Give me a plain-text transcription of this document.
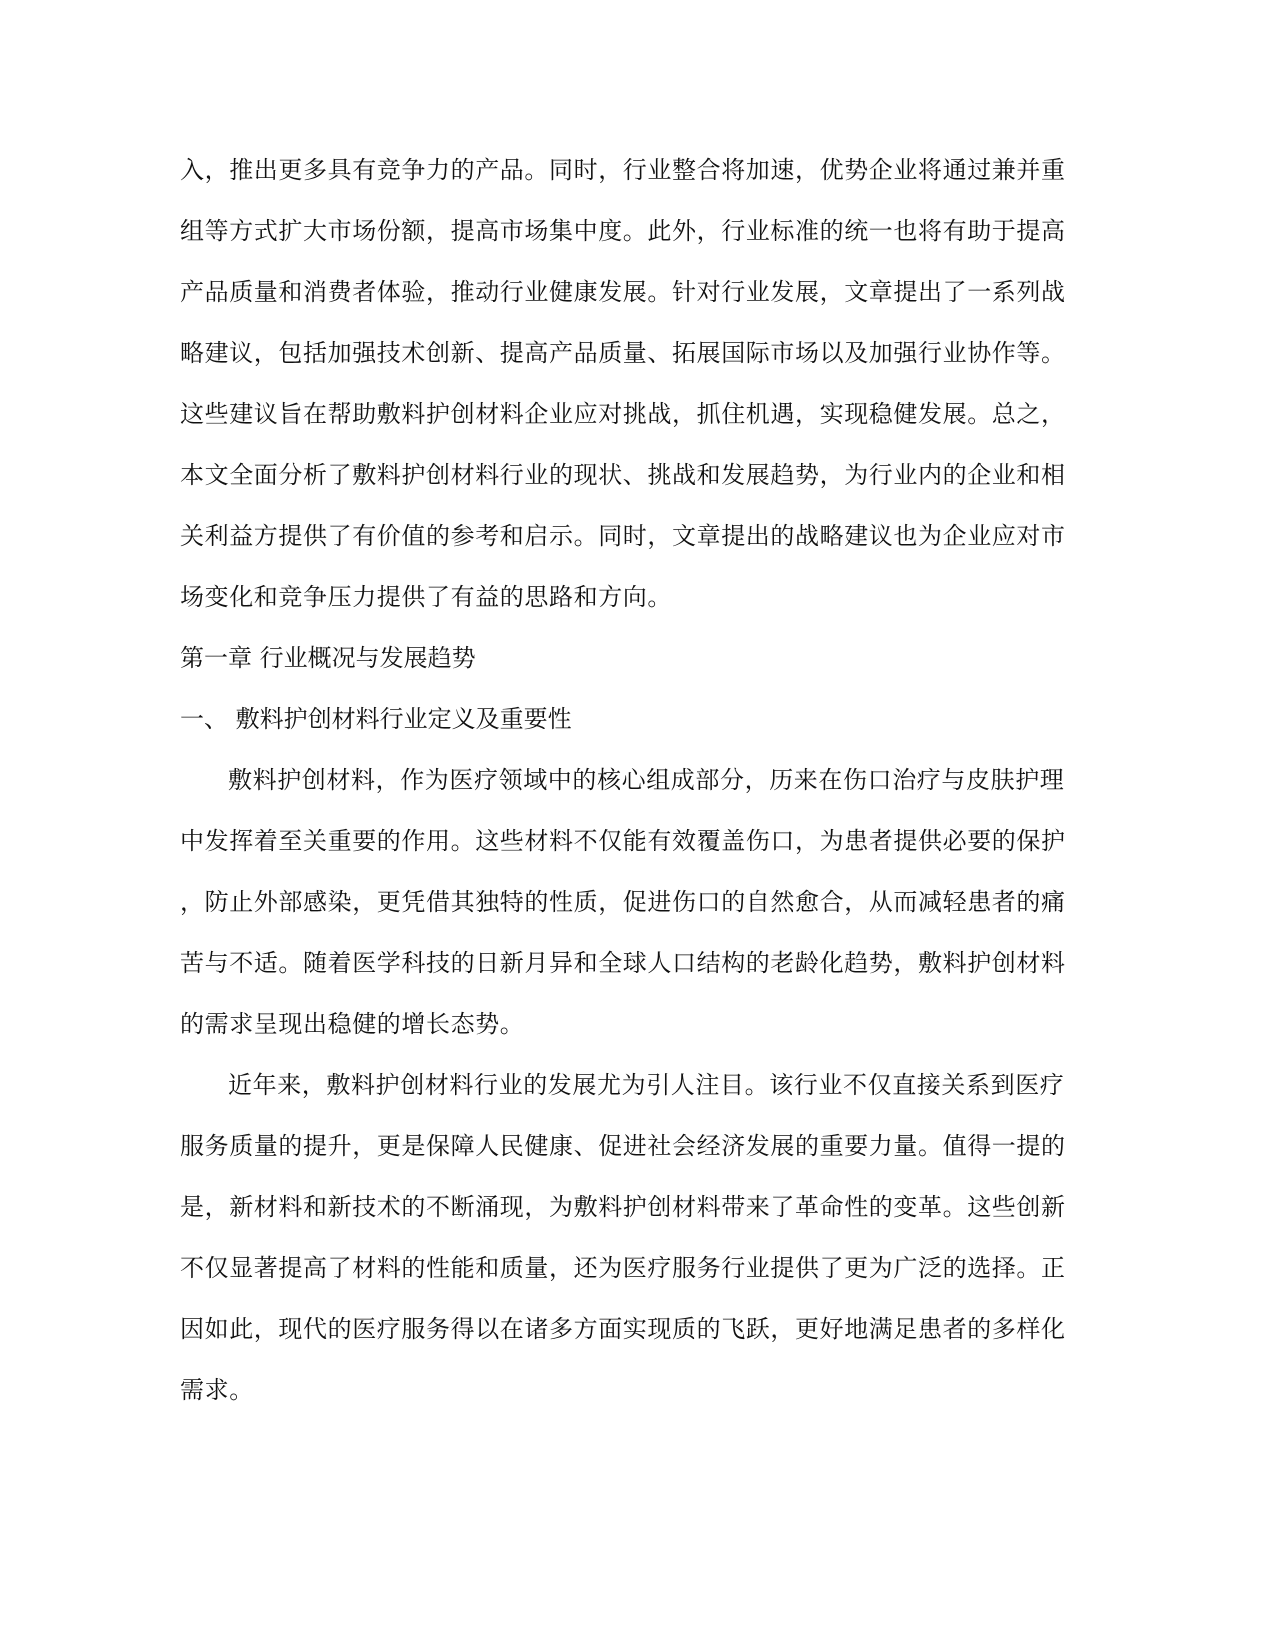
入，推出更多具有竞争力的产品。同时，行业整合将加速，优势企业将通过兼并重
组等方式扩大市场份额，提高市场集中度。此外，行业标准的统一也将有助于提高
产品质量和消费者体验，推动行业健康发展。针对行业发展，文章提出了一系列战
略建议，包括加强技术创新、提高产品质量、拓展国际市场以及加强行业协作等。
这些建议旨在帮助敷料护创材料企业应对挑战，抓住机遇，实现稳健发展。总之，
本文全面分析了敷料护创材料行业的现状、挑战和发展趋势，为行业内的企业和相
关利益方提供了有价值的参考和启示。同时，文章提出的战略建议也为企业应对市
场变化和竞争压力提供了有益的思路和方向。
第一章 行业概况与发展趋势
一、 敷料护创材料行业定义及重要性
敷料护创材料，作为医疗领域中的核心组成部分，历来在伤口治疗与皮肤护理
中发挥着至关重要的作用。这些材料不仅能有效覆盖伤口，为患者提供必要的保护
，防止外部感染，更凭借其独特的性质，促进伤口的自然愈合，从而减轻患者的痛
苦与不适。随着医学科技的日新月异和全球人口结构的老龄化趋势，敷料护创材料
的需求呈现出稳健的增长态势。
近年来，敷料护创材料行业的发展尤为引人注目。该行业不仅直接关系到医疗
服务质量的提升，更是保障人民健康、促进社会经济发展的重要力量。值得一提的
是，新材料和新技术的不断涌现，为敷料护创材料带来了革命性的变革。这些创新
不仅显著提高了材料的性能和质量，还为医疗服务行业提供了更为广泛的选择。正
因如此，现代的医疗服务得以在诸多方面实现质的飞跃，更好地满足患者的多样化
需求。
